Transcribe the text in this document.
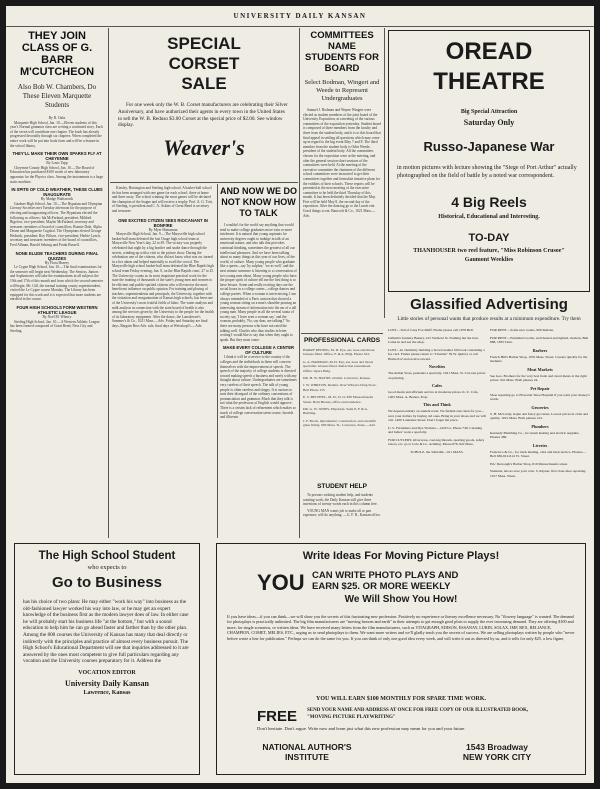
UNIVERSITY DAILY KANSAN
THEY JOIN CLASS OF G. BARR M'CUTCHEON
Also Bob W. Chambers, Do These Eleven Marquette Students
By R. Oaks

Marquette High School, Jan. 10.—Eleven students of this year's Normal grammar class are writing a continued story. Each of the seven will contribute one chapter. The book has already progressed favorably through six chapters. When completed the entire work will be put into book form and will be a feature in the school library.

THEY'LL MAKE THEIR OWN SPARKS FLY AT CHEYENNE
By Louis Tapp

Cheyenne County High School, Jan. 10.—The Board of Education has purchased $100 worth of new laboratory apparatus for the Physics class. Among the instruments is a large static machine.

IN SPITE OF COLD WEATHER, THESE CLUBS INAUGURATE
By Madge Wadsworth

Gardner High School, Jan. 10.—The Hypatian and Olympian Literary Societies met Tuesday afternoon for the purpose of electing and inaugurating officers. The Hypatians elected the following as officers: Ida McFarland, president; Mildred Bigelow, vice-president; Maybo McFarland, secretary and treasurer; members of board of councillors, Bonnie Dale, Alpha Deane and Marguerite Cogshal. The Olympians elected George Hednick, president; Roy Wilson, vice-president; Herbie Lynch, secretary and treasurer; members of the board of councillors, Fred Allman, Harold Sebring and Frank Russell.

NONE ELUDE TEACHERS DURING FINAL QUIZZES
By Flora Harvey

Le Cygne High School, Jan. 10.—The final examinations for the semester will begin next Wednesday. The Seniors, Juniors and Sophomores will take the examinations in all subjects the 19th and 17th of this month and from which the second semester will begin. Mr. Gill, the normal training county superintendent, visited the Le Cygne course Monday. The Library has been equipped for this work and it is expected that more students are enrolled in the course.

FOUR HIGH SCHOOLS FORM WESTERN ATHLETIC LEAGUE
By Noel M. Wherry

Sterling High School, Jan. 10.—A Western Athletic League has been formed composed of Great Bend, Ness City and Sterling.

SPECIAL CORSET SALE
For one week only the W. B. Corset manufacturers are celebrating their Silver Anniversary, and have authorized their agents in every town in the United States to sell the W. B. Reduso $3.00 Corset at the special price of $2.00. See window display.
Weaver's

Kinsley, Hoisington and Sterling high school. A basket-ball school tie has been arranged with one game for each school, three at home and three away. The school winning the most games will be declared the champion of the league and will receive a trophy. Prof. A. G. Tritt, of Sterling, is president and C. A. Askins of Great Bend is secretary and treasurer.

ONE EXCITED CITIZEN SEES RIOCANANT IN BONFIRE
By Myer Hanssman

Marysville High School, Jan. 9.—The Marysville high school basket-ball team defeated the fast Osage high school team at Marysville New Year's day, 22 to 49. The victory was properly celebrated that night by a big bonfire and snake dance through the streets, winding up with a visit to the picture show. During the celebration one of the citizens, who did not know what was on, turned in a fire alarm and helped materially to swell the crowd. The Marysville high school basket-ball team defeated the Blue Rapids high school team Friday evening, Jan. 8, on the Blue Rapids court, 27 to 25. The University counts as its most important practical work for the state the training of thousands of the state's young men and women to be efficient and public-spirited citizens who will exercise the most beneficent influence on public opinion. For training and placing of teachers, superintendents and principals, the University, together with the visitation and reorganization of Kansas high schools, has been one of the University's most fruitful fields of labor. The water analysis and milk analysis in connection with the state board of health is also among the services given by the University to the people for the health of its laboratory equipment. After the dance, the Lansdowne's Summer's & Co., 1021 Mass.—Adv. Friday and Saturday are final days, Bargain Bros Adv. sale, final days at Weisskopf's.—Adv.

AND NOW WE DO NOT KNOW HOW TO TALK

I wouldn't for the world say anything that would tend to make college graduates more vain or more intolerant. It is natural that young aspirants for university degrees ought to indulge in talk of an emotional nature, and also talk that provokes continual thinking, sometimes the greatest of all our intellectual pleasures. And we have been talking about so many things in this year of our lives, of the world, of culture. Many young people who graduate like a queen—say 'by sulphor,' 'we as well,' and the next minute someone is listening to a conversation of two young men about. Many young people who have the proper spirit of culture tell me the first thing is to have leisure. Some and really exciting days are the social hours in a college career—college dances and college parties. When a woman is interviewing, I am always reminded of a Paris cartoon that showed a young woman sitting on a man's shoulder pouring an interesting stream of information into the ear of a tall young man. Many people in all the several strata of society say, 'I have seen a woman say,' and the woman, probably, 'No, say dear, are talking?' 'So there are many persons who have not rated the talking well. Charles who thus studies in letter writing I would like to say that when they ought to speak. But they must come.

MAKE EVERY COLLEGE A CENTER OF CULTURE

I think it will be a service to the country if the colleges and the individuals in them will concern themselves with the improvement of speech. The speech of the majority of college students is directed toward making speech a business and rarely with any thought about culture. Undergraduates are sometimes very careless of their speech. The talk of young people is often careless and sloppy. It is curious to note their disregard of the ordinary conventions of pronunciation and grammar. Much that they talk is not what the professors of English would approve. There is a certain lack of refinement which makes so much of college conversation seem coarse, boorish and illiterate.

COMMITTEES NAME STUDENTS FOR BOARD
Select Bodman, Wingert and Weede to Represent Undergraduates

Samuel J. Bodman and Wayne Wingert were elected as student members of the joint board of the University Exposition, at a meeting of the various committees of the exposition yesterday. Student board is composed of three members from the faculty and three from the student body, and it is to this board that final appeal in settling all questions which may come up in regard to the big event May 7 and 8. The third member from the student body is Orlin Weede, president of the student body. All the committees chosen for the exposition were at the meeting, and after the general session short sessions of the committees were held. At the meeting of the executive committee the chairmen of the different school committees were instructed to get their committees together and formulate tentative plans for the exhibits of their schools. These reports will be presented at the next meeting of the executive committee to be held the third Thursday of this month. It has been definitely decided that the May Fete will be held May 8, the second day of the exposition. After the dancing go to the Lunch ette. Good things to eat. Bancroft & Co., 1021 Mass.—Adv.

PROFESSIONAL CARDS
HARRY REDING, M. D. Eye, ear, nose and throat. Glasses fitted. Office, F. & A. Bldg. Phone 324.
G. A. HAMMAN, M. D. Eye, ear, nose and throat specialist. Glasses fitted. Refraction Guaranteed. Office: Opera Bldg.
DR. H. W. HAYNE, Oculist. Lawrence, Kansas.
J. W. O'BRYON, Dentist. Over Wilson's Drug Store. Bell Phone 155.
E. S. BECHTEL, M. D., D. O. 830 Massachusetts Street. Both Phones, office and residence.
DR. G. W. JONES, Physician. Suite 8, F. & A. Building.
J. F. Brock, Optometrist; construction, and scientific glass fitting. 903 Mass. St., Lawrence, Kans.—Adv.
STUDENT HELP

To persons wishing student help, and students wanting work, the Daily Kansan will give three insertions of twenty words each in this column free.

YOUNG MAN wants job to make all or part expenses; will do anything. —G. F. R., Kansan office.

OREAD THEATRE
Big Special Attraction
Saturday Only
Russo-Japanese War
in motion pictures with lecture showing the "Siege of Port Arthur" actually photographed on the field of battle by a noted war correspondent.
4 Big Reels
Historical, Educational and Interesting.
TO-DAY
THANHOUSER two reel feature, "Miss Robinson Crusoe"
Gaumont Weeklies
Glassified Advertising
Little stories of personal wants that produce results at a minimum expenditure. Try them
LOST—Tall of Grey Fox Muff. Finder please call 1078 Bell.
Gilliam's Sanitary Bakery, 412 Vermont St. Nothing but the best. Come in and see the shop.
LOST—In chemistry building a brown leather bill book containing a fee card. Finder please return to "Chuckie" 59 W. Quincy or call Home 612 and receive reward.
Novelties
The Indian Store, pennants a specialty. 1021 Mass. St. Cut-rate prices on printing.
Cafes
Good meals and efficient service at moderate prices. K. U. Cafe, 1405 Mass. A. Becker, Prop.
This and Think
We depend entirely on student trade. We furnish and clean for you—save your dollars by buying old ones. Bring in your shoes and we will call. 1400 Louisiana Street. Don't forget the place.
U. S. Furnishers and Dye Workers—1420 La. Phone 748. Cleaning and ladies' work a specialty.
FOR CUTLERY, silverware, coat-ing threads, sporting goods, safety razors, etc. go to Cole & Co. Achning. Phone 676. 822 Mass.
SCHULZ, the TAILOR—911 MASS.
FOR RENT—Some nice rooms, 900 Indiana.
FOR RENT—Furnished rooms, well heated and lighted, modern, Bell 888, 1835 Tenn.
Barbers
French Hill's Barber Shop, 1035 Mass. Street. Careers quickly for the students.
Meat Markets
See Geo. Brothers for the very best fresh and cured meats at the right prices. 941 Mass. Both phones 24.
Pet Repair
Shoe repairing go to Howards' Shoe Hospital if you want your money's worth.
Groceries
S. H. McCurdy, staple and fancy groceries. Lowest prices in cloth and quality. 1021 Mass. Both phones 212.
Plumbers
Kennedy Plumbing Co., for steam heating and electric supplies. Phones 489.
Liveries
Francisco & Co., for truck hauling, cabs and hack service. Phones—Bell 636-612-614 Vt. Street.
Eric Derrough's Barber Shop, 819 Massachusetts street.
Students, lets us save your coin. S. Rayner, first class shoe repairing. 1017 Mass. Street.
The High School Student
who expects to
Go to Business
has his choice of two plans: He may either "work his way" into business as the old-fashioned lawyer worked his way into law, or he may get an expert knowledge of the business first as the modern lawyer does of law. In either case he will probably start his business life "at the bottom," but with a sound education to help him he can go ahead faster and farther than by the other plan. Among the 800 courses the University of Kansas has many that deal directly or indirectly with the principles and practice of almost every business pursuit. The High School's Educational Department will see that inquiries addressed to it are answered by the ones most competent to give full particulars regarding any vocation and the University courses preparatory for it. Address the
VOCATION EDITOR
University Daily Kansan
Lawrence, Kansas
Write Ideas For Moving Picture Plays!
YOU CAN WRITE PHOTO PLAYS AND
EARN $25. OR MORE WEEKLY
We Will Show You How!
If you have ideas—if you can think—we will show you the secrets of this fascinating new profession. Positively no experience or literary excellence necessary. No "flowery language" is wanted. The demand for photoplays is practically unlimited. The big film manufacturers are "moving heaven and earth" in their attempts to get enough good plots to supply the ever increasing demand. They are offering $100 and more, for single scenarios, or written ideas. We have received many letters from the film manufacturers, such as VITAGRAPH, EDISON, ESSANAY, LUBIN, SOLAX, IMP, REX, RELIANCE, CHAMPION, COMET, MELIES, ETC., urging us to send photoplays to them. We want more writers and we'll gladly teach you the secrets of success. We are selling photoplays written by people who "never before wrote a line for publication." Perhaps we can do the same for you. If you can think of only one good idea every week, and will write it out as directed by us, and it sells for only $25, a low figure,
YOU WILL EARN $100 MONTHLY FOR SPARE TIME WORK.
FREE SEND YOUR NAME AND ADDRESS AT ONCE FOR FREE COPY OF OUR ILLUSTRATED BOOK, "MOVING PICTURE PLAYWRITING"
Don't hesitate. Don't argue. Write now and learn just what this new profession may mean for you and your future.
NATIONAL AUTHOR'S INSTITUTE
1543 Broadway
NEW YORK CITY
